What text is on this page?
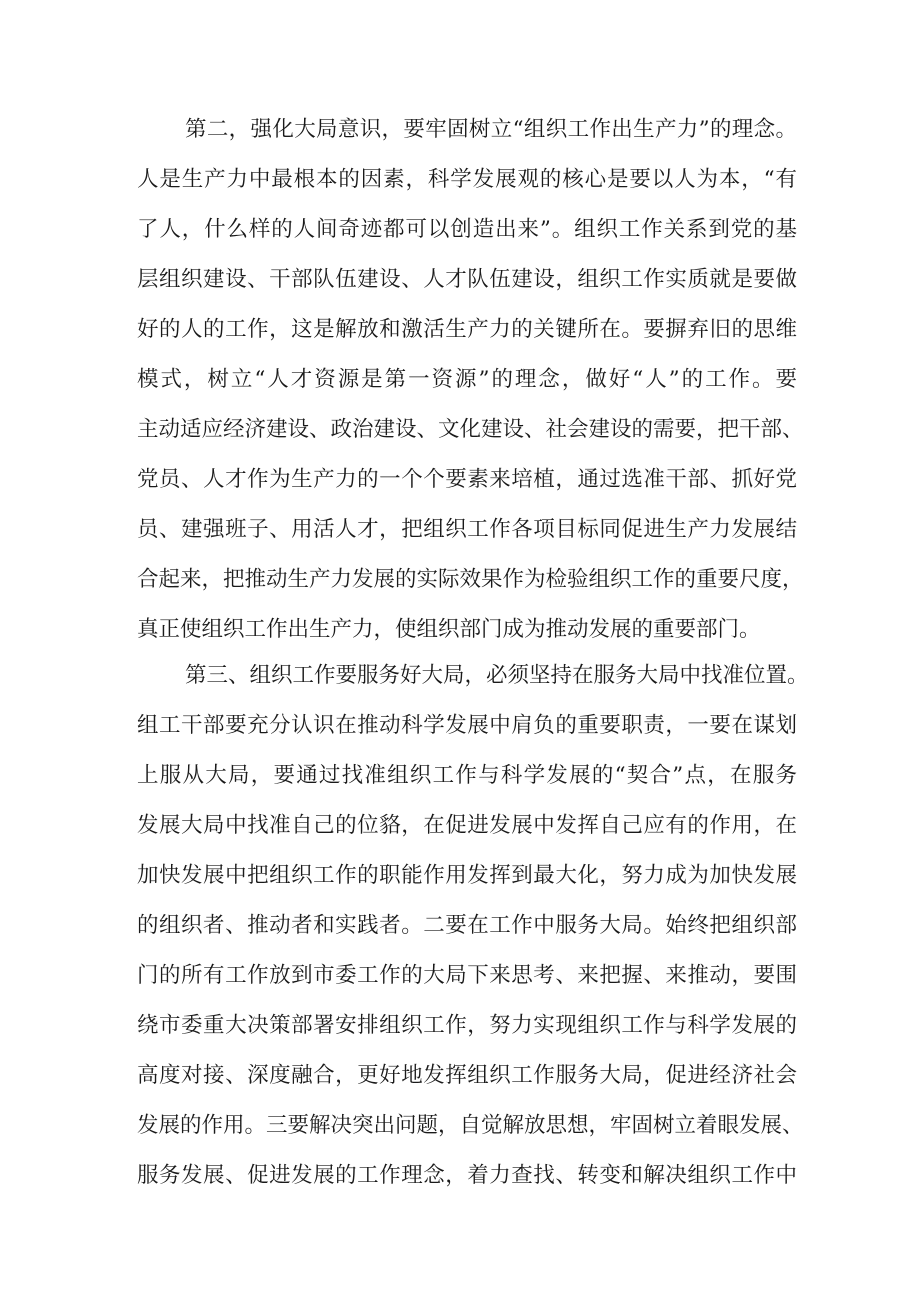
第二，强化大局意识，要牢固树立“组织工作出生产力”的理念。
人是生产力中最根本的因素，科学发展观的核心是要以人为本，“有
了人，什么样的人间奇迹都可以创造出来”。组织工作关系到党的基
层组织建设、干部队伍建设、人才队伍建设，组织工作实质就是要做
好的人的工作，这是解放和激活生产力的关键所在。要摒弃旧的思维
模式，树立“人才资源是第一资源”的理念，做好“人”的工作。要
主动适应经济建设、政治建设、文化建设、社会建设的需要，把干部、
党员、人才作为生产力的一个个要素来培植，通过选准干部、抓好党
员、建强班子、用活人才，把组织工作各项目标同促进生产力发展结
合起来，把推动生产力发展的实际效果作为检验组织工作的重要尺度，
真正使组织工作出生产力，使组织部门成为推动发展的重要部门。
第三、组织工作要服务好大局，必须坚持在服务大局中找准位置。
组工干部要充分认识在推动科学发展中肩负的重要职责，一要在谋划
上服从大局，要通过找准组织工作与科学发展的“契合”点，在服务
发展大局中找准自己的位貉，在促进发展中发挥自己应有的作用，在
加快发展中把组织工作的职能作用发挥到最大化，努力成为加快发展
的组织者、推动者和实践者。二要在工作中服务大局。始终把组织部
门的所有工作放到市委工作的大局下来思考、来把握、来推动，要围
绕市委重大决策部署安排组织工作，努力实现组织工作与科学发展的
高度对接、深度融合，更好地发挥组织工作服务大局，促进经济社会
发展的作用。三要解决突出问题，自觉解放思想，牢固树立着眼发展、
服务发展、促进发展的工作理念，着力查找、转变和解决组织工作中
